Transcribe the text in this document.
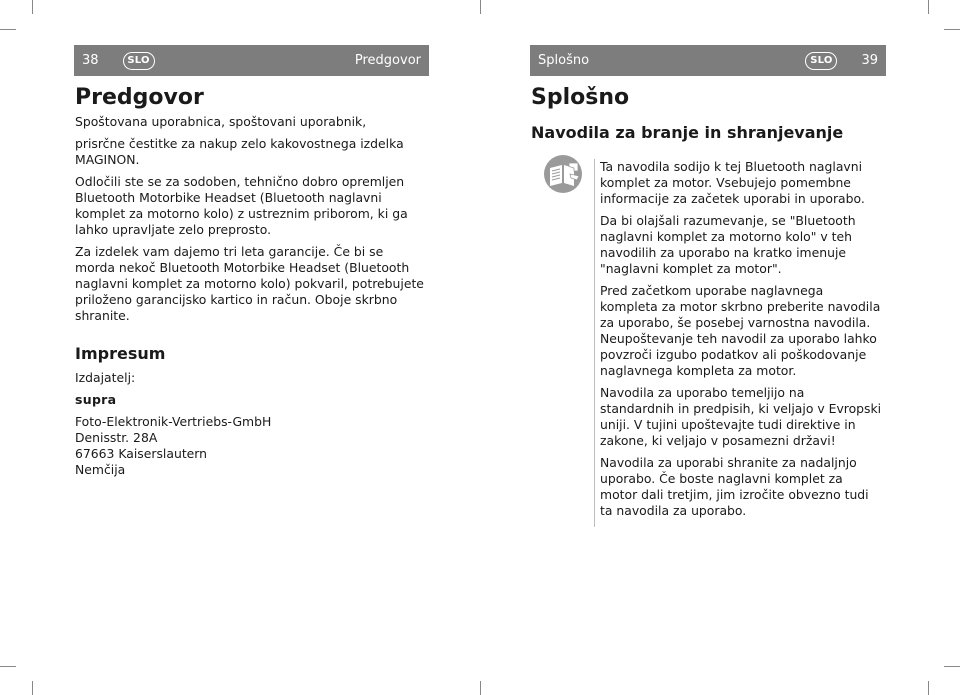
38	SLO	Predgovor
Predgovor

Spoštovana uporabnica, spoštovani uporabnik,

prisrčne čestitke za nakup zelo kakovostnega izdelka MAGINON.

Odločili ste se za sodoben, tehnično dobro opremljen Bluetooth Motorbike Headset (Bluetooth naglavni komplet za motorno kolo) z ustreznim priborom, ki ga lahko upravljate zelo preprosto.

Za izdelek vam dajemo tri leta garancije. Če bi se morda nekoč Bluetooth Motorbike Headset (Bluetooth naglavni komplet za motorno kolo) pokvaril, potrebujete priloženo garancijsko kartico in račun. Oboje skrbno shranite.

Impresum

Izdajatelj:

supra

Foto-Elektronik-Vertriebs-GmbH

Denisstr. 28A

67663 Kaiserslautern

Nemčija

Splošno	SLO	39
Splošno
Navodila za branje in shranjevanje

Ta navodila sodijo k tej Bluetooth naglavni komplet za motor. Vsebujejo pomembne informacije za začetek uporabi in uporabo.

Da bi olajšali razumevanje, se "Bluetooth naglavni komplet za motorno kolo" v teh navodilih za uporabo na kratko imenuje "naglavni komplet za motor".

Pred začetkom uporabe naglavnega kompleta za motor skrbno preberite navodila za uporabo, še posebej varnostna navodila. Neupoštevanje teh navodil za uporabo lahko povzroči izgubo podatkov ali poškodovanje naglavnega kompleta za motor.

Navodila za uporabo temeljijo na standardnih in predpisih, ki veljajo v Evropski uniji. V tujini upoštevajte tudi direktive in zakone, ki veljajo v posamezni državi!

Navodila za uporabi shranite za nadaljnjo uporabo. Če boste naglavni komplet za motor dali tretjim, jim izročite obvezno tudi ta navodila za uporabo.
